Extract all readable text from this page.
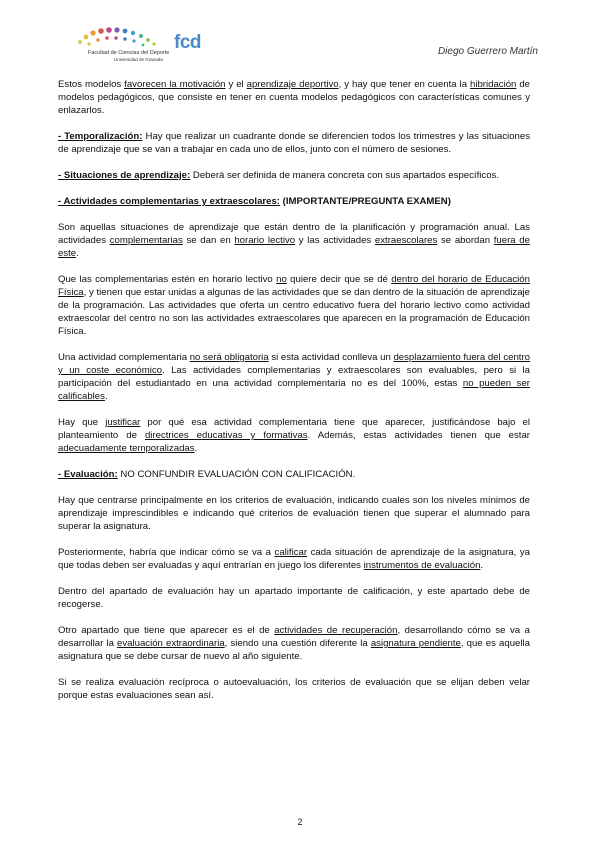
Facultad de Ciencias del Deporte
Universidad de Granada
fcd	Diego Guerrero Martín

Estos modelos favorecen la motivación y el aprendizaje deportivo, y hay que tener en cuenta la hibridación de modelos pedagógicos, que consiste en tener en cuenta modelos pedagógicos con características comunes y enlazarlos.

- Temporalización: Hay que realizar un cuadrante donde se diferencien todos los trimestres y las situaciones de aprendizaje que se van a trabajar en cada uno de ellos, junto con el número de sesiones.

- Situaciones de aprendizaje: Deberá ser definida de manera concreta con sus apartados específicos.

- Actividades complementarias y extraescolares: (IMPORTANTE/PREGUNTA EXAMEN)

Son aquellas situaciones de aprendizaje que están dentro de la planificación y programación anual. Las actividades complementarias se dan en horario lectivo y las actividades extraescolares se abordan fuera de este.

Que las complementarias estén en horario lectivo no quiere decir que se dé dentro del horario de Educación Física, y tienen que estar unidas a algunas de las actividades que se dan dentro de la situación de aprendizaje de la programación. Las actividades que oferta un centro educativo fuera del horario lectivo como actividad extraescolar del centro no son las actividades extraescolares que aparecen en la programación de Educación Física.

Una actividad complementaria no será obligatoria si esta actividad conlleva un desplazamiento fuera del centro y un coste económico. Las actividades complementarias y extraescolares son evaluables, pero si la participación del estudiantado en una actividad complementaria no es del 100%, estas no pueden ser calificables.

Hay que justificar por qué esa actividad complementaria tiene que aparecer, justificándose bajo el planteamiento de directrices educativas y formativas. Además, estas actividades tienen que estar adecuadamente temporalizadas.

- Evaluación: NO CONFUNDIR EVALUACIÓN CON CALIFICACIÓN.

Hay que centrarse principalmente en los criterios de evaluación, indicando cuales son los niveles mínimos de aprendizaje imprescindibles e indicando qué criterios de evaluación tienen que superar el alumnado para superar la asignatura.

Posteriormente, habría que indicar cómo se va a calificar cada situación de aprendizaje de la asignatura, ya que todas deben ser evaluadas y aquí entrarían en juego los diferentes instrumentos de evaluación.

Dentro del apartado de evaluación hay un apartado importante de calificación, y este apartado debe de recogerse.

Otro apartado que tiene que aparecer es el de actividades de recuperación, desarrollando cómo se va a desarrollar la evaluación extraordinaria, siendo una cuestión diferente la asignatura pendiente, que es aquella asignatura que se debe cursar de nuevo al año siguiente.

Si se realiza evaluación recíproca o autoevaluación, los criterios de evaluación que se elijan deben velar porque estas evaluaciones sean así.

2
